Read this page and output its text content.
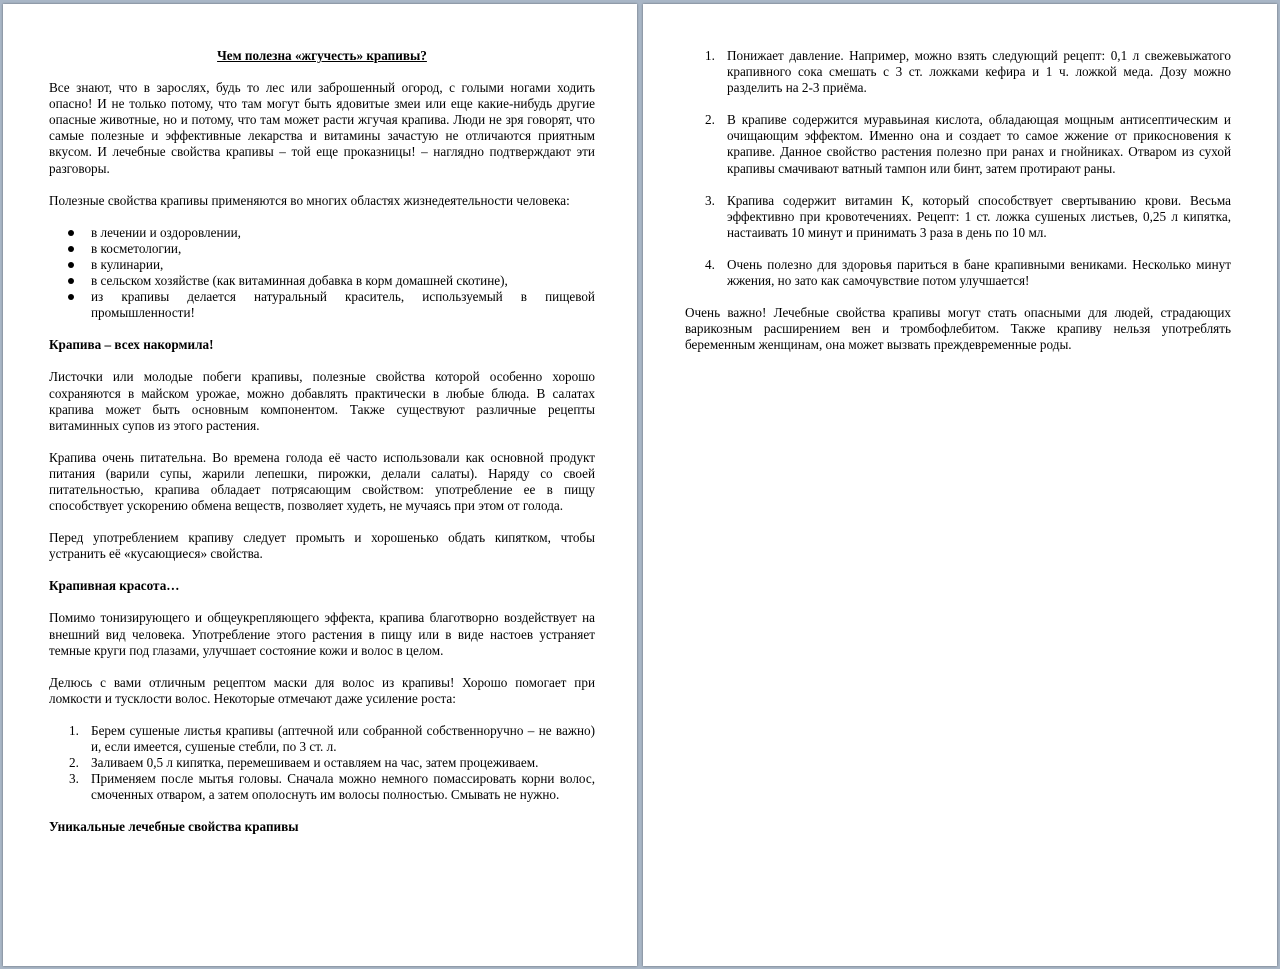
Чем полезна «жгучесть» крапивы?

Все знают, что в зарослях, будь то лес или заброшенный огород, с голыми ногами ходить опасно! И не только потому, что там могут быть ядовитые змеи или еще какие-нибудь другие опасные животные, но и потому, что там может расти жгучая крапива. Люди не зря говорят, что самые полезные и эффективные лекарства и витамины зачастую не отличаются приятным вкусом. И лечебные свойства крапивы – той еще проказницы! – наглядно подтверждают эти разговоры.

Полезные свойства крапивы применяются во многих областях жизнедеятельности человека:

в лечении и оздоровлении,
в косметологии,
в кулинарии,
в сельском хозяйстве (как витаминная добавка в корм домашней скотине),
из крапивы делается натуральный краситель, используемый в пищевой промышленности!
Крапива – всех накормила!

Листочки или молодые побеги крапивы, полезные свойства которой особенно хорошо сохраняются в майском урожае, можно добавлять практически в любые блюда. В салатах крапива может быть основным компонентом. Также существуют различные рецепты витаминных супов из этого растения.

Крапива очень питательна. Во времена голода её часто использовали как основной продукт питания (варили супы, жарили лепешки, пирожки, делали салаты). Наряду со своей питательностью, крапива обладает потрясающим свойством: употребление ее в пищу способствует ускорению обмена веществ, позволяет худеть, не мучаясь при этом от голода.

Перед употреблением крапиву следует промыть и хорошенько обдать кипятком, чтобы устранить её «кусающиеся» свойства.

Крапивная красота…

Помимо тонизирующего и общеукрепляющего эффекта, крапива благотворно воздействует на внешний вид человека. Употребление этого растения в пищу или в виде настоев устраняет темные круги под глазами, улучшает состояние кожи и волос в целом.

Делюсь с вами отличным рецептом маски для волос из крапивы! Хорошо помогает при ломкости и тусклости волос. Некоторые отмечают даже усиление роста:

1. Берем сушеные листья крапивы (аптечной или собранной собственноручно – не важно) и, если имеется, сушеные стебли, по 3 ст. л.
2. Заливаем 0,5 л кипятка, перемешиваем и оставляем на час, затем процеживаем.
3. Применяем после мытья головы. Сначала можно немного помассировать корни волос, смоченных отваром, а затем ополоснуть им волосы полностью. Смывать не нужно.
Уникальные лечебные свойства крапивы
1. Понижает давление. Например, можно взять следующий рецепт: 0,1 л свежевыжатого крапивного сока смешать с 3 ст. ложками кефира и 1 ч. ложкой меда. Дозу можно разделить на 2-3 приёма.
2. В крапиве содержится муравьиная кислота, обладающая мощным антисептическим и очищающим эффектом. Именно она и создает то самое жжение от прикосновения к крапиве. Данное свойство растения полезно при ранах и гнойниках. Отваром из сухой крапивы смачивают ватный тампон или бинт, затем протирают раны.
3. Крапива содержит витамин К, который способствует свертыванию крови. Весьма эффективно при кровотечениях. Рецепт: 1 ст. ложка сушеных листьев, 0,25 л кипятка, настаивать 10 минут и принимать 3 раза в день по 10 мл.
4. Очень полезно для здоровья париться в бане крапивными вениками. Несколько минут жжения, но зато как самочувствие потом улучшается!

Очень важно! Лечебные свойства крапивы могут стать опасными для людей, страдающих варикозным расширением вен и тромбофлебитом. Также крапиву нельзя употреблять беременным женщинам, она может вызвать преждевременные роды.
